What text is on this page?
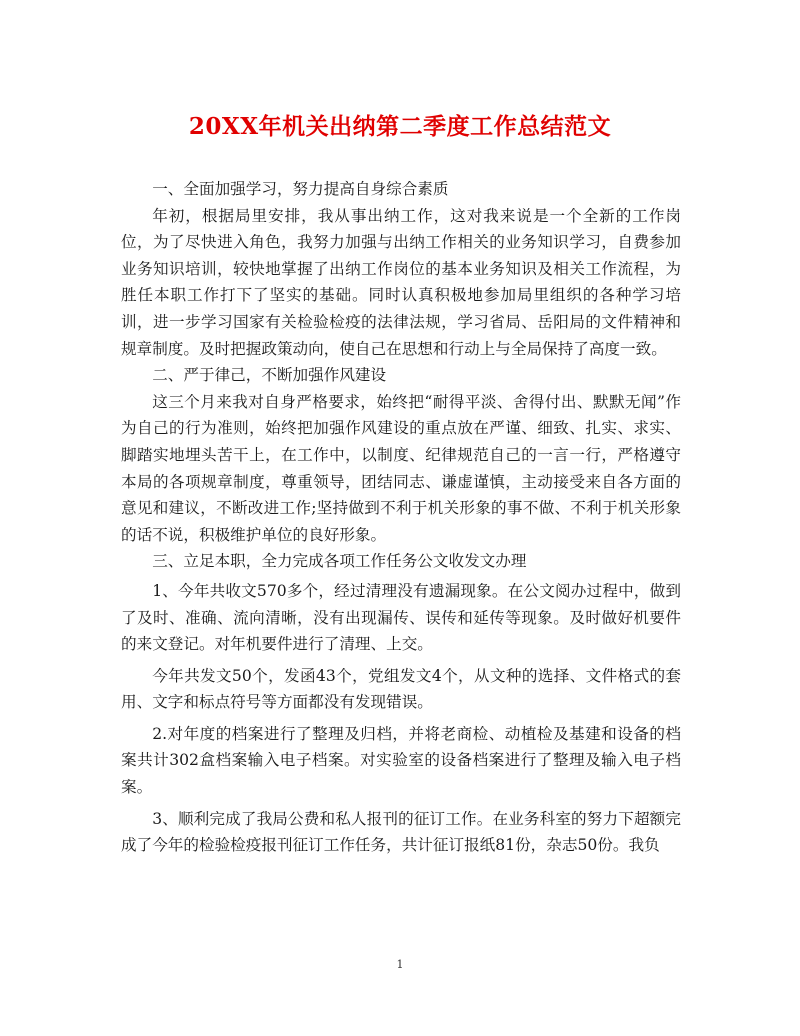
20XX年机关出纳第二季度工作总结范文

一、全面加强学习，努力提高自身综合素质

年初，根据局里安排，我从事出纳工作，这对我来说是一个全新的工作岗位，为了尽快进入角色，我努力加强与出纳工作相关的业务知识学习，自费参加业务知识培训，较快地掌握了出纳工作岗位的基本业务知识及相关工作流程，为胜任本职工作打下了坚实的基础。同时认真积极地参加局里组织的各种学习培训，进一步学习国家有关检验检疫的法律法规，学习省局、岳阳局的文件精神和规章制度。及时把握政策动向，使自己在思想和行动上与全局保持了高度一致。

二、严于律己，不断加强作风建设

这三个月来我对自身严格要求，始终把“耐得平淡、舍得付出、默默无闻”作为自己的行为准则，始终把加强作风建设的重点放在严谨、细致、扎实、求实、脚踏实地埋头苦干上，在工作中，以制度、纪律规范自己的一言一行，严格遵守本局的各项规章制度，尊重领导，团结同志、谦虚谨慎，主动接受来自各方面的意见和建议，不断改进工作;坚持做到不利于机关形象的事不做、不利于机关形象的话不说，积极维护单位的良好形象。

三、立足本职，全力完成各项工作任务公文收发文办理

1、今年共收文570多个，经过清理没有遗漏现象。在公文阅办过程中，做到了及时、准确、流向清晰，没有出现漏传、误传和延传等现象。及时做好机要件的来文登记。对年机要件进行了清理、上交。

今年共发文50个，发函43个，党组发文4个，从文种的选择、文件格式的套用、文字和标点符号等方面都没有发现错误。

2.对年度的档案进行了整理及归档，并将老商检、动植检及基建和设备的档案共计302盒档案输入电子档案。对实验室的设备档案进行了整理及输入电子档案。

3、顺利完成了我局公费和私人报刊的征订工作。在业务科室的努力下超额完成了今年的检验检疫报刊征订工作任务，共计征订报纸81份，杂志50份。我负

1
